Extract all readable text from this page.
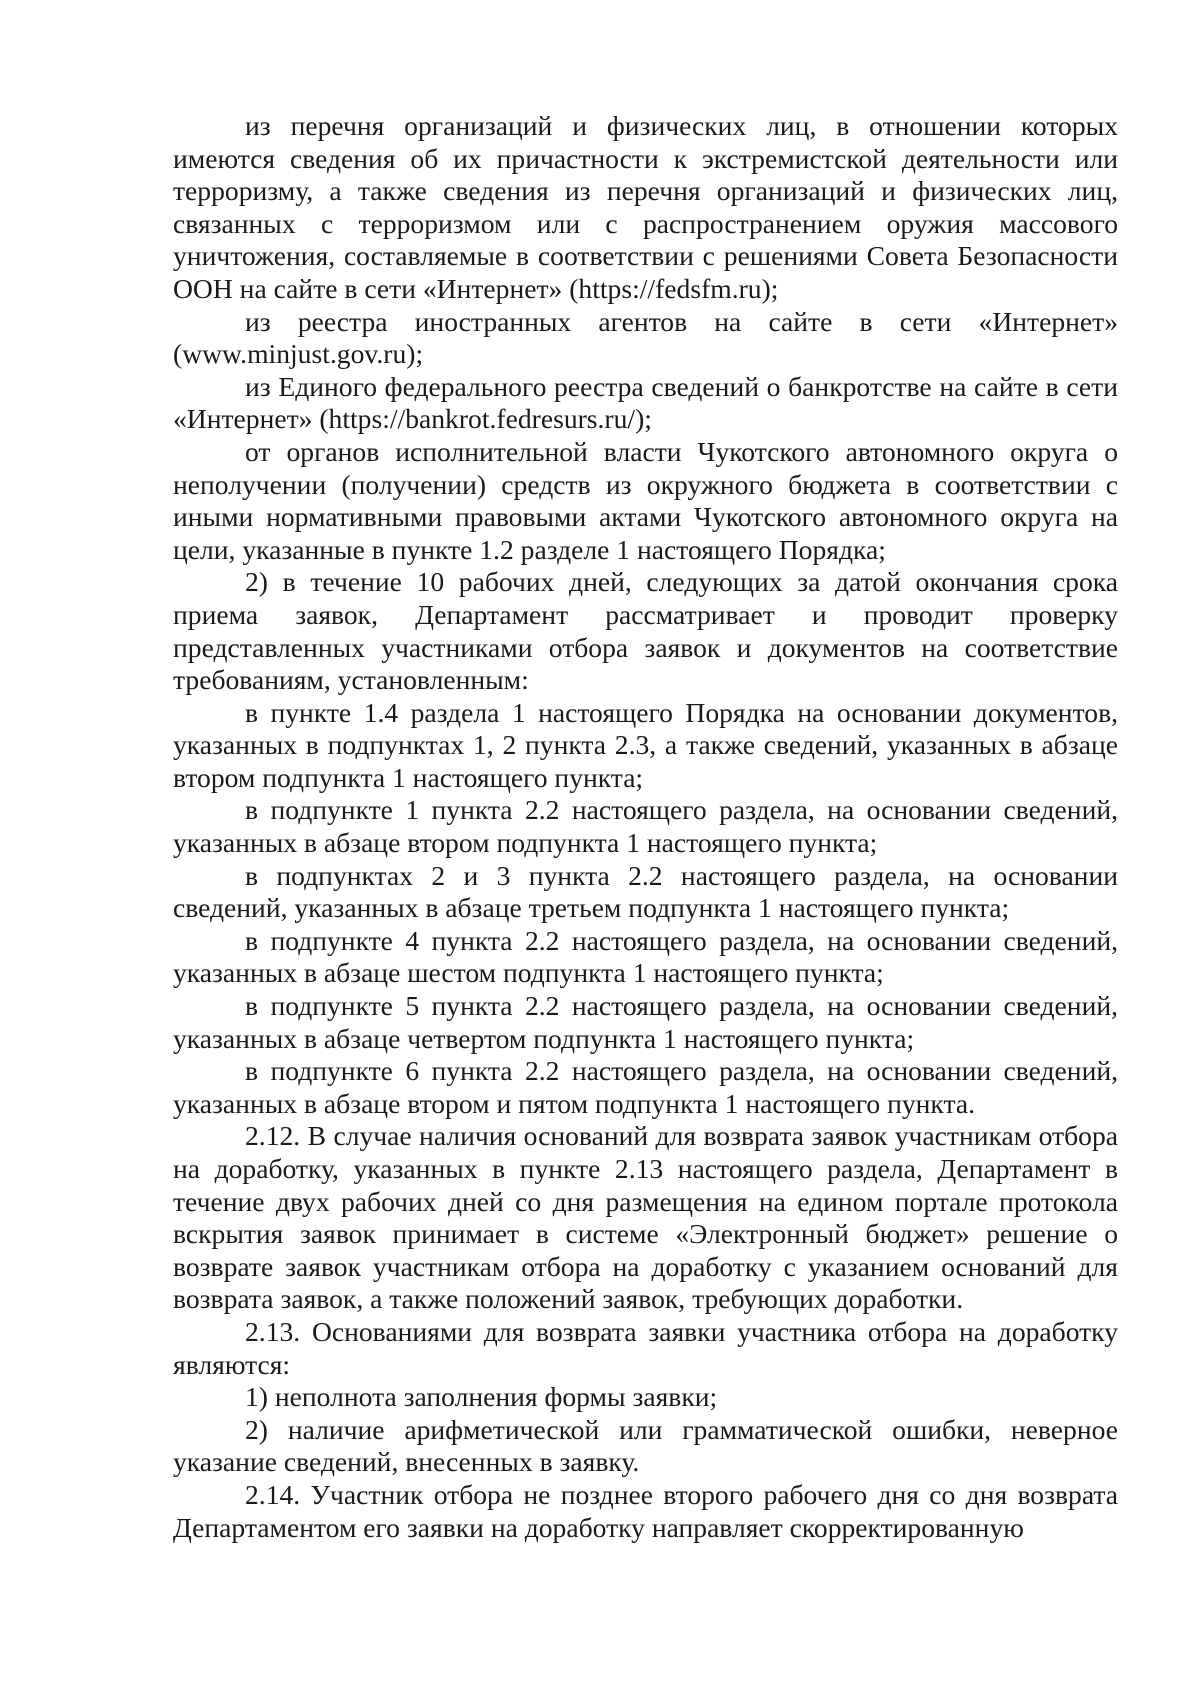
из перечня организаций и физических лиц, в отношении которых имеются сведения об их причастности к экстремистской деятельности или терроризму, а также сведения из перечня организаций и физических лиц, связанных с терроризмом или с распространением оружия массового уничтожения, составляемые в соответствии с решениями Совета Безопасности ООН на сайте в сети «Интернет» (https://fedsfm.ru);

из реестра иностранных агентов на сайте в сети «Интернет» (www.minjust.gov.ru);

из Единого федерального реестра сведений о банкротстве на сайте в сети «Интернет» (https://bankrot.fedresurs.ru/);

от органов исполнительной власти Чукотского автономного округа о неполучении (получении) средств из окружного бюджета в соответствии с иными нормативными правовыми актами Чукотского автономного округа на цели, указанные в пункте 1.2 разделе 1 настоящего Порядка;

2) в течение 10 рабочих дней, следующих за датой окончания срока приема заявок, Департамент рассматривает и проводит проверку представленных участниками отбора заявок и документов на соответствие требованиям, установленным:

в пункте 1.4 раздела 1 настоящего Порядка на основании документов, указанных в подпунктах 1, 2 пункта 2.3, а также сведений, указанных в абзаце втором подпункта 1 настоящего пункта;

в подпункте 1 пункта 2.2 настоящего раздела, на основании сведений, указанных в абзаце втором подпункта 1 настоящего пункта;

в подпунктах 2 и 3 пункта 2.2 настоящего раздела, на основании сведений, указанных в абзаце третьем подпункта 1 настоящего пункта;

в подпункте 4 пункта 2.2 настоящего раздела, на основании сведений, указанных в абзаце шестом подпункта 1 настоящего пункта;

в подпункте 5 пункта 2.2 настоящего раздела, на основании сведений, указанных в абзаце четвертом подпункта 1 настоящего пункта;

в подпункте 6 пункта 2.2 настоящего раздела, на основании сведений, указанных в абзаце втором и пятом подпункта 1 настоящего пункта.

2.12. В случае наличия оснований для возврата заявок участникам отбора на доработку, указанных в пункте 2.13 настоящего раздела, Департамент в течение двух рабочих дней со дня размещения на едином портале протокола вскрытия заявок принимает в системе «Электронный бюджет» решение о возврате заявок участникам отбора на доработку с указанием оснований для возврата заявок, а также положений заявок, требующих доработки.

2.13. Основаниями для возврата заявки участника отбора на доработку являются:

1) неполнота заполнения формы заявки;

2) наличие арифметической или грамматической ошибки, неверное указание сведений, внесенных в заявку.

2.14. Участник отбора не позднее второго рабочего дня со дня возврата Департаментом его заявки на доработку направляет скорректированную
